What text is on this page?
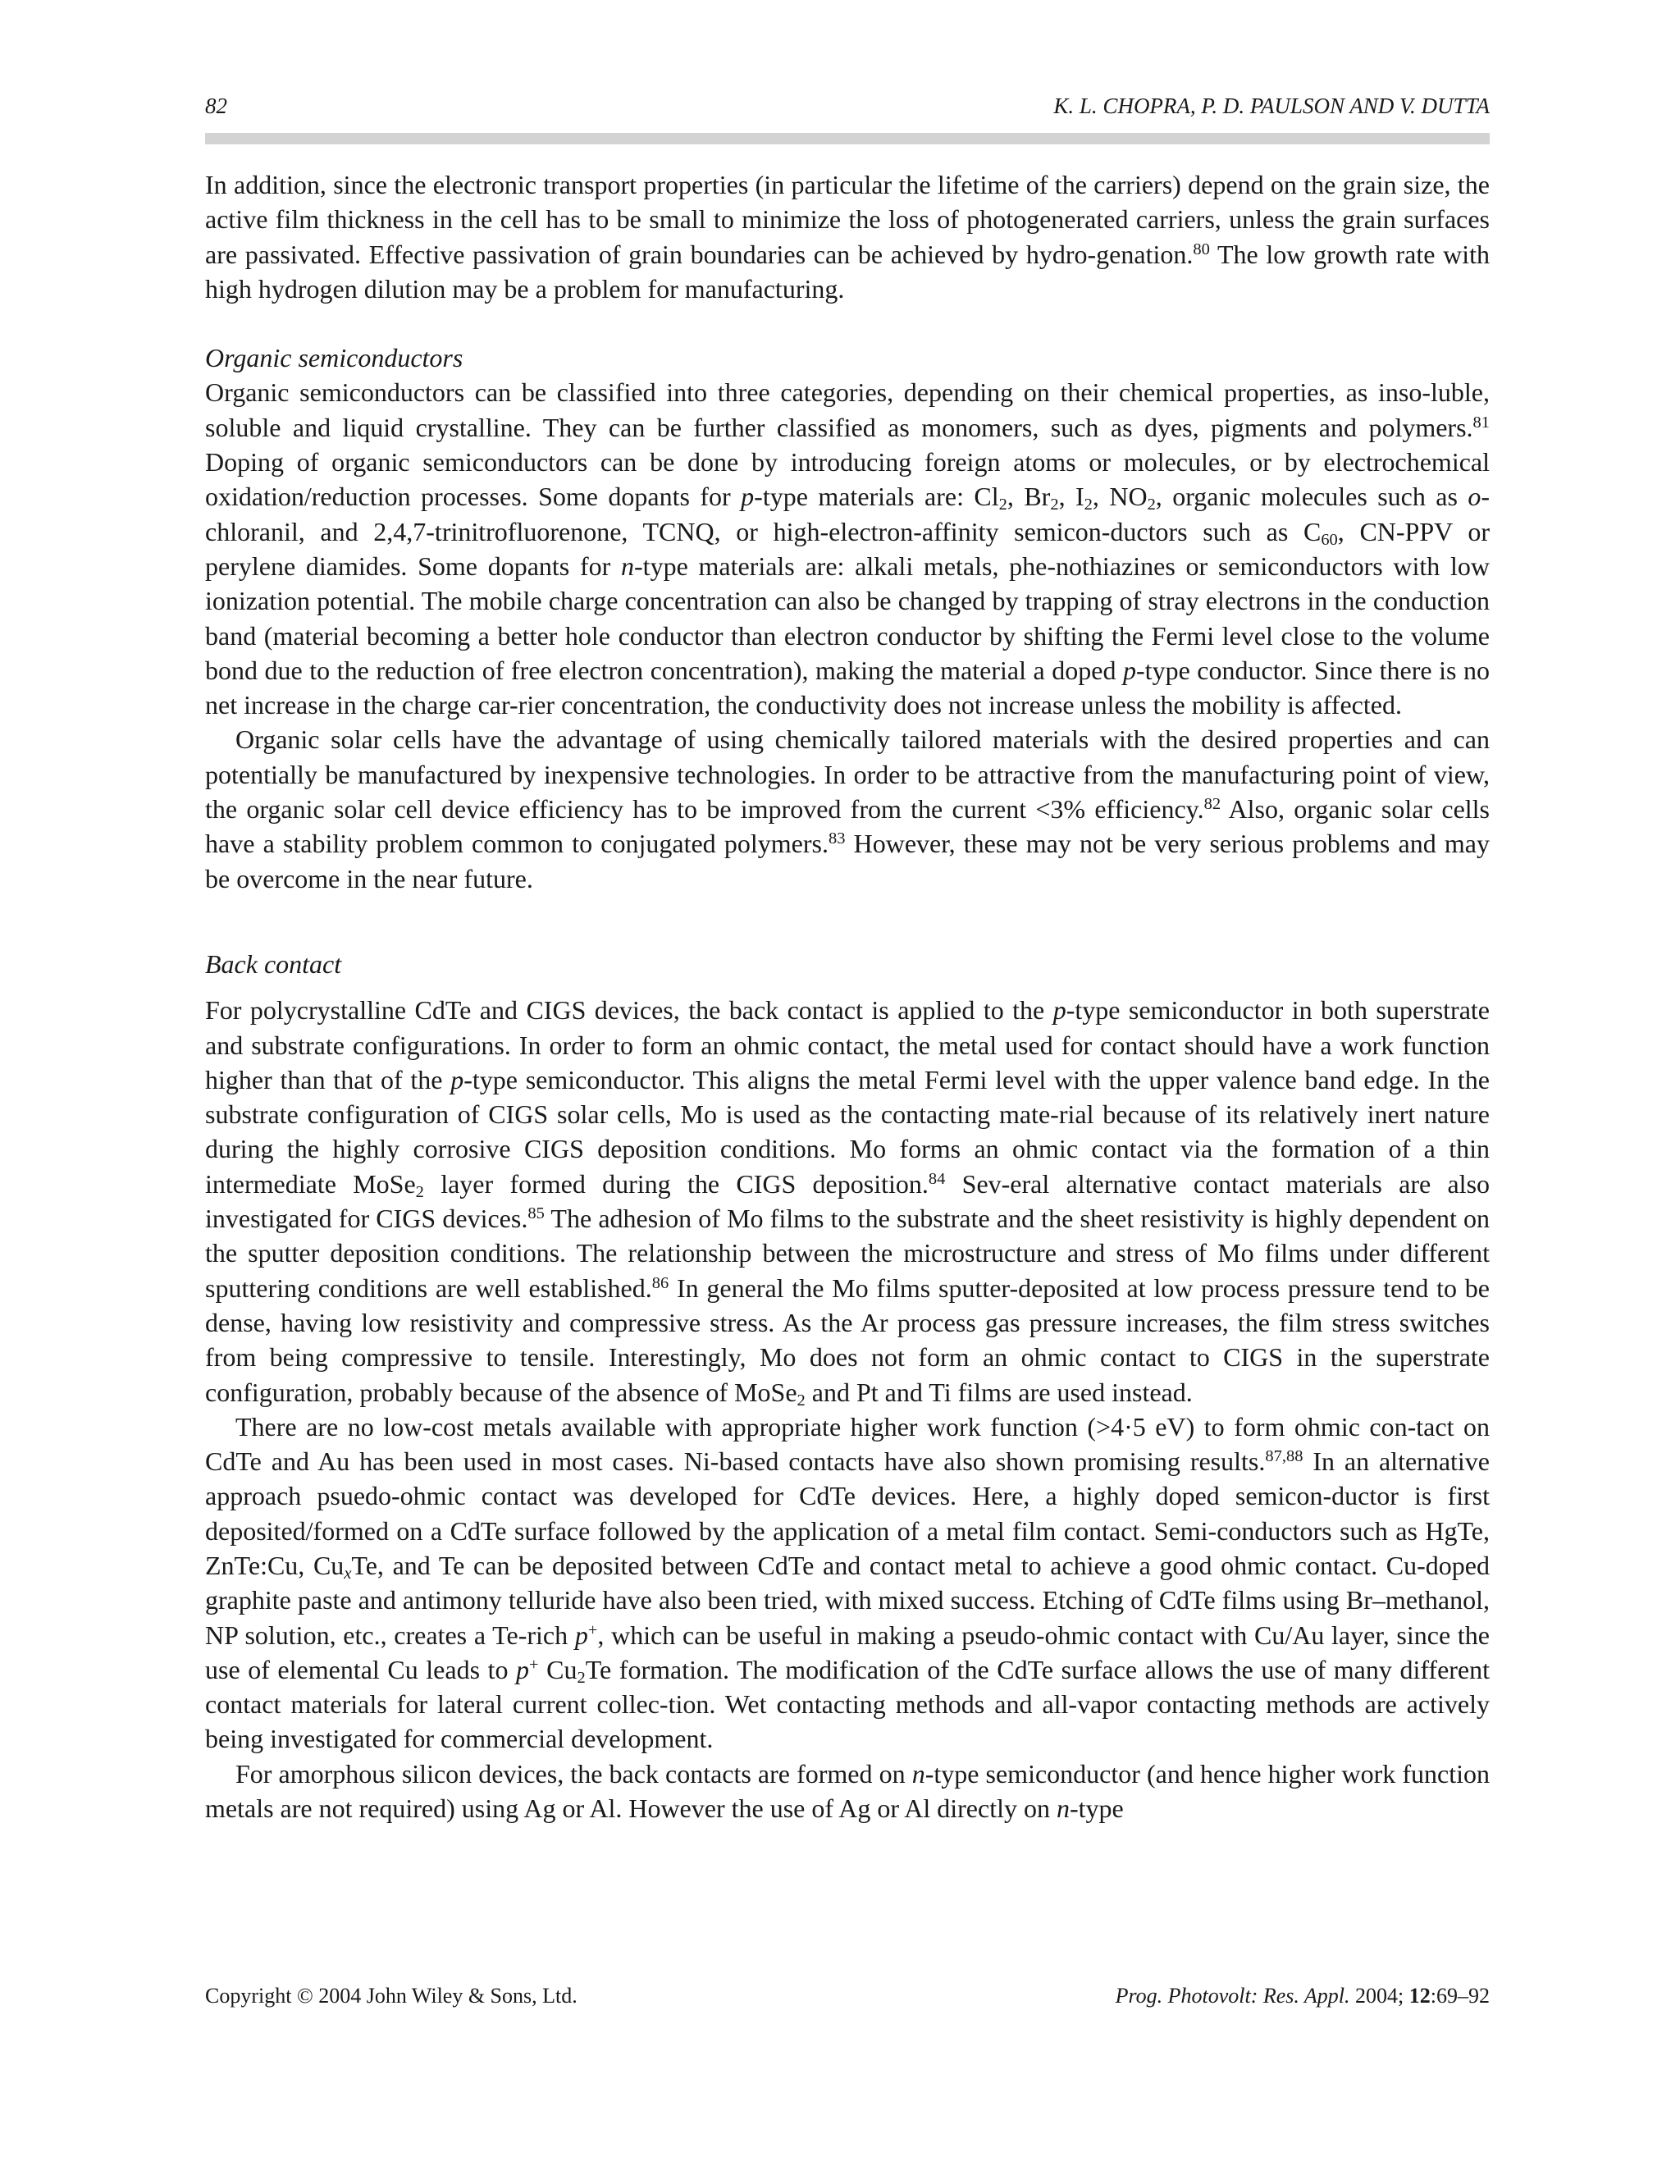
82	K. L. CHOPRA, P. D. PAULSON AND V. DUTTA

In addition, since the electronic transport properties (in particular the lifetime of the carriers) depend on the grain size, the active film thickness in the cell has to be small to minimize the loss of photogenerated carriers, unless the grain surfaces are passivated. Effective passivation of grain boundaries can be achieved by hydro-genation.$^{80}$ The low growth rate with high hydrogen dilution may be a problem for manufacturing.

Organic semiconductors

Organic semiconductors can be classified into three categories, depending on their chemical properties, as inso-luble, soluble and liquid crystalline. They can be further classified as monomers, such as dyes, pigments and polymers.$^{81}$ Doping of organic semiconductors can be done by introducing foreign atoms or molecules, or by electrochemical oxidation/reduction processes. Some dopants for p-type materials are: $Cl_2$, $Br_2$, $I_2$, $NO_2$, organic molecules such as o-chloranil, and 2,4,7-trinitrofluorenone, TCNQ, or high-electron-affinity semicon-ductors such as $C_{60}$, CN-PPV or perylene diamides. Some dopants for n-type materials are: alkali metals, phe-nothiazines or semiconductors with low ionization potential. The mobile charge concentration can also be changed by trapping of stray electrons in the conduction band (material becoming a better hole conductor than electron conductor by shifting the Fermi level close to the volume bond due to the reduction of free electron concentration), making the material a doped p-type conductor. Since there is no net increase in the charge car-rier concentration, the conductivity does not increase unless the mobility is affected.

Organic solar cells have the advantage of using chemically tailored materials with the desired properties and can potentially be manufactured by inexpensive technologies. In order to be attractive from the manufacturing point of view, the organic solar cell device efficiency has to be improved from the current <3% efficiency.$^{82}$ Also, organic solar cells have a stability problem common to conjugated polymers.$^{83}$ However, these may not be very serious problems and may be overcome in the near future.

Back contact

For polycrystalline CdTe and CIGS devices, the back contact is applied to the p-type semiconductor in both superstrate and substrate configurations. In order to form an ohmic contact, the metal used for contact should have a work function higher than that of the p-type semiconductor. This aligns the metal Fermi level with the upper valence band edge. In the substrate configuration of CIGS solar cells, Mo is used as the contacting mate-rial because of its relatively inert nature during the highly corrosive CIGS deposition conditions. Mo forms an ohmic contact via the formation of a thin intermediate MoSe$_2$ layer formed during the CIGS deposition.$^{84}$ Sev-eral alternative contact materials are also investigated for CIGS devices.$^{85}$ The adhesion of Mo films to the substrate and the sheet resistivity is highly dependent on the sputter deposition conditions. The relationship between the microstructure and stress of Mo films under different sputtering conditions are well established.$^{86}$ In general the Mo films sputter-deposited at low process pressure tend to be dense, having low resistivity and compressive stress. As the Ar process gas pressure increases, the film stress switches from being compressive to tensile. Interestingly, Mo does not form an ohmic contact to CIGS in the superstrate configuration, probably because of the absence of MoSe$_2$ and Pt and Ti films are used instead.

There are no low-cost metals available with appropriate higher work function (>4·5 eV) to form ohmic con-tact on CdTe and Au has been used in most cases. Ni-based contacts have also shown promising results.$^{87,88}$ In an alternative approach psuedo-ohmic contact was developed for CdTe devices. Here, a highly doped semicon-ductor is first deposited/formed on a CdTe surface followed by the application of a metal film contact. Semi-conductors such as HgTe, ZnTe:Cu, $Cu_xTe$, and Te can be deposited between CdTe and contact metal to achieve a good ohmic contact. Cu-doped graphite paste and antimony telluride have also been tried, with mixed success. Etching of CdTe films using Br–methanol, NP solution, etc., creates a Te-rich p+, which can be useful in making a pseudo-ohmic contact with Cu/Au layer, since the use of elemental Cu leads to p+ $Cu_2Te$ formation. The modification of the CdTe surface allows the use of many different contact materials for lateral current collec-tion. Wet contacting methods and all-vapor contacting methods are actively being investigated for commercial development.

For amorphous silicon devices, the back contacts are formed on n-type semiconductor (and hence higher work function metals are not required) using Ag or Al. However the use of Ag or Al directly on n-type

Copyright © 2004 John Wiley & Sons, Ltd.	Prog. Photovolt: Res. Appl. 2004; 12:69–92
